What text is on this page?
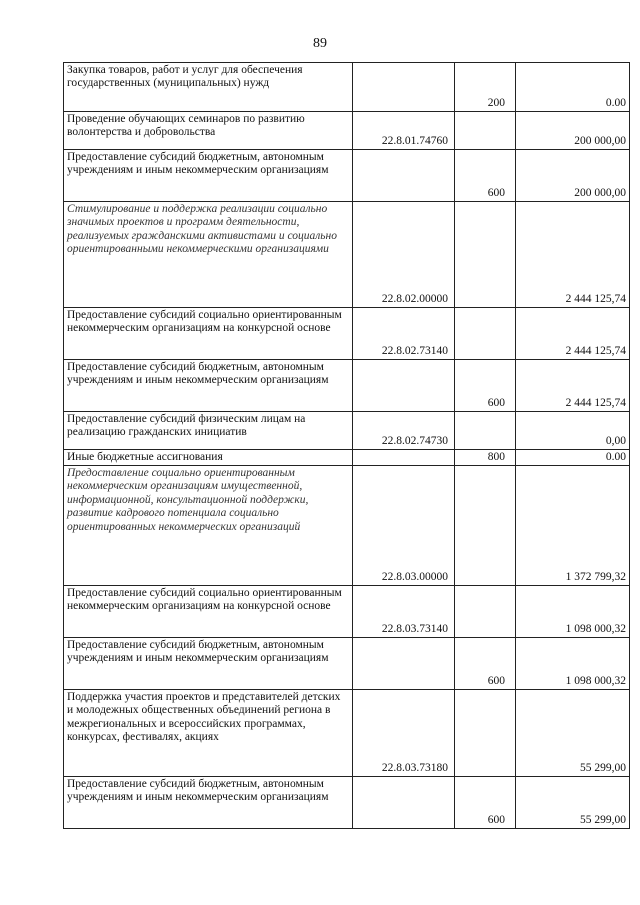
89
Закупка товаров, работ и услуг для обеспечения государственных (муниципальных) нужд		200	0.00
Проведение обучающих семинаров по развитию волонтерства и добровольства	22.8.01.74760		200 000,00
Предоставление субсидий бюджетным, автономным учреждениям и иным некоммерческим организациям		600	200 000,00
Стимулирование и поддержка реализации социально значимых проектов и программ деятельности, реализуемых гражданскими активистами и социально ориентированными некоммерческими организациями	22.8.02.00000		2 444 125,74
Предоставление субсидий социально ориентированным некоммерческим организациям на конкурсной основе	22.8.02.73140		2 444 125,74
Предоставление субсидий бюджетным, автономным учреждениям и иным некоммерческим организациям		600	2 444 125,74
Предоставление субсидий физическим лицам на реализацию гражданских инициатив	22.8.02.74730		0,00
Иные бюджетные ассигнования		800	0.00
Предоставление социально ориентированным некоммерческим организациям имущественной, информационной, консультационной поддержки, развитие кадрового потенциала социально ориентированных некоммерческих организаций	22.8.03.00000		1 372 799,32
Предоставление субсидий социально ориентированным некоммерческим организациям на конкурсной основе	22.8.03.73140		1 098 000,32
Предоставление субсидий бюджетным, автономным учреждениям и иным некоммерческим организациям		600	1 098 000,32
Поддержка участия проектов и представителей детских и молодежных общественных объединений региона в межрегиональных и всероссийских программах, конкурсах, фестивалях, акциях	22.8.03.73180		55 299,00
Предоставление субсидий бюджетным, автономным учреждениям и иным некоммерческим организациям		600	55 299,00
